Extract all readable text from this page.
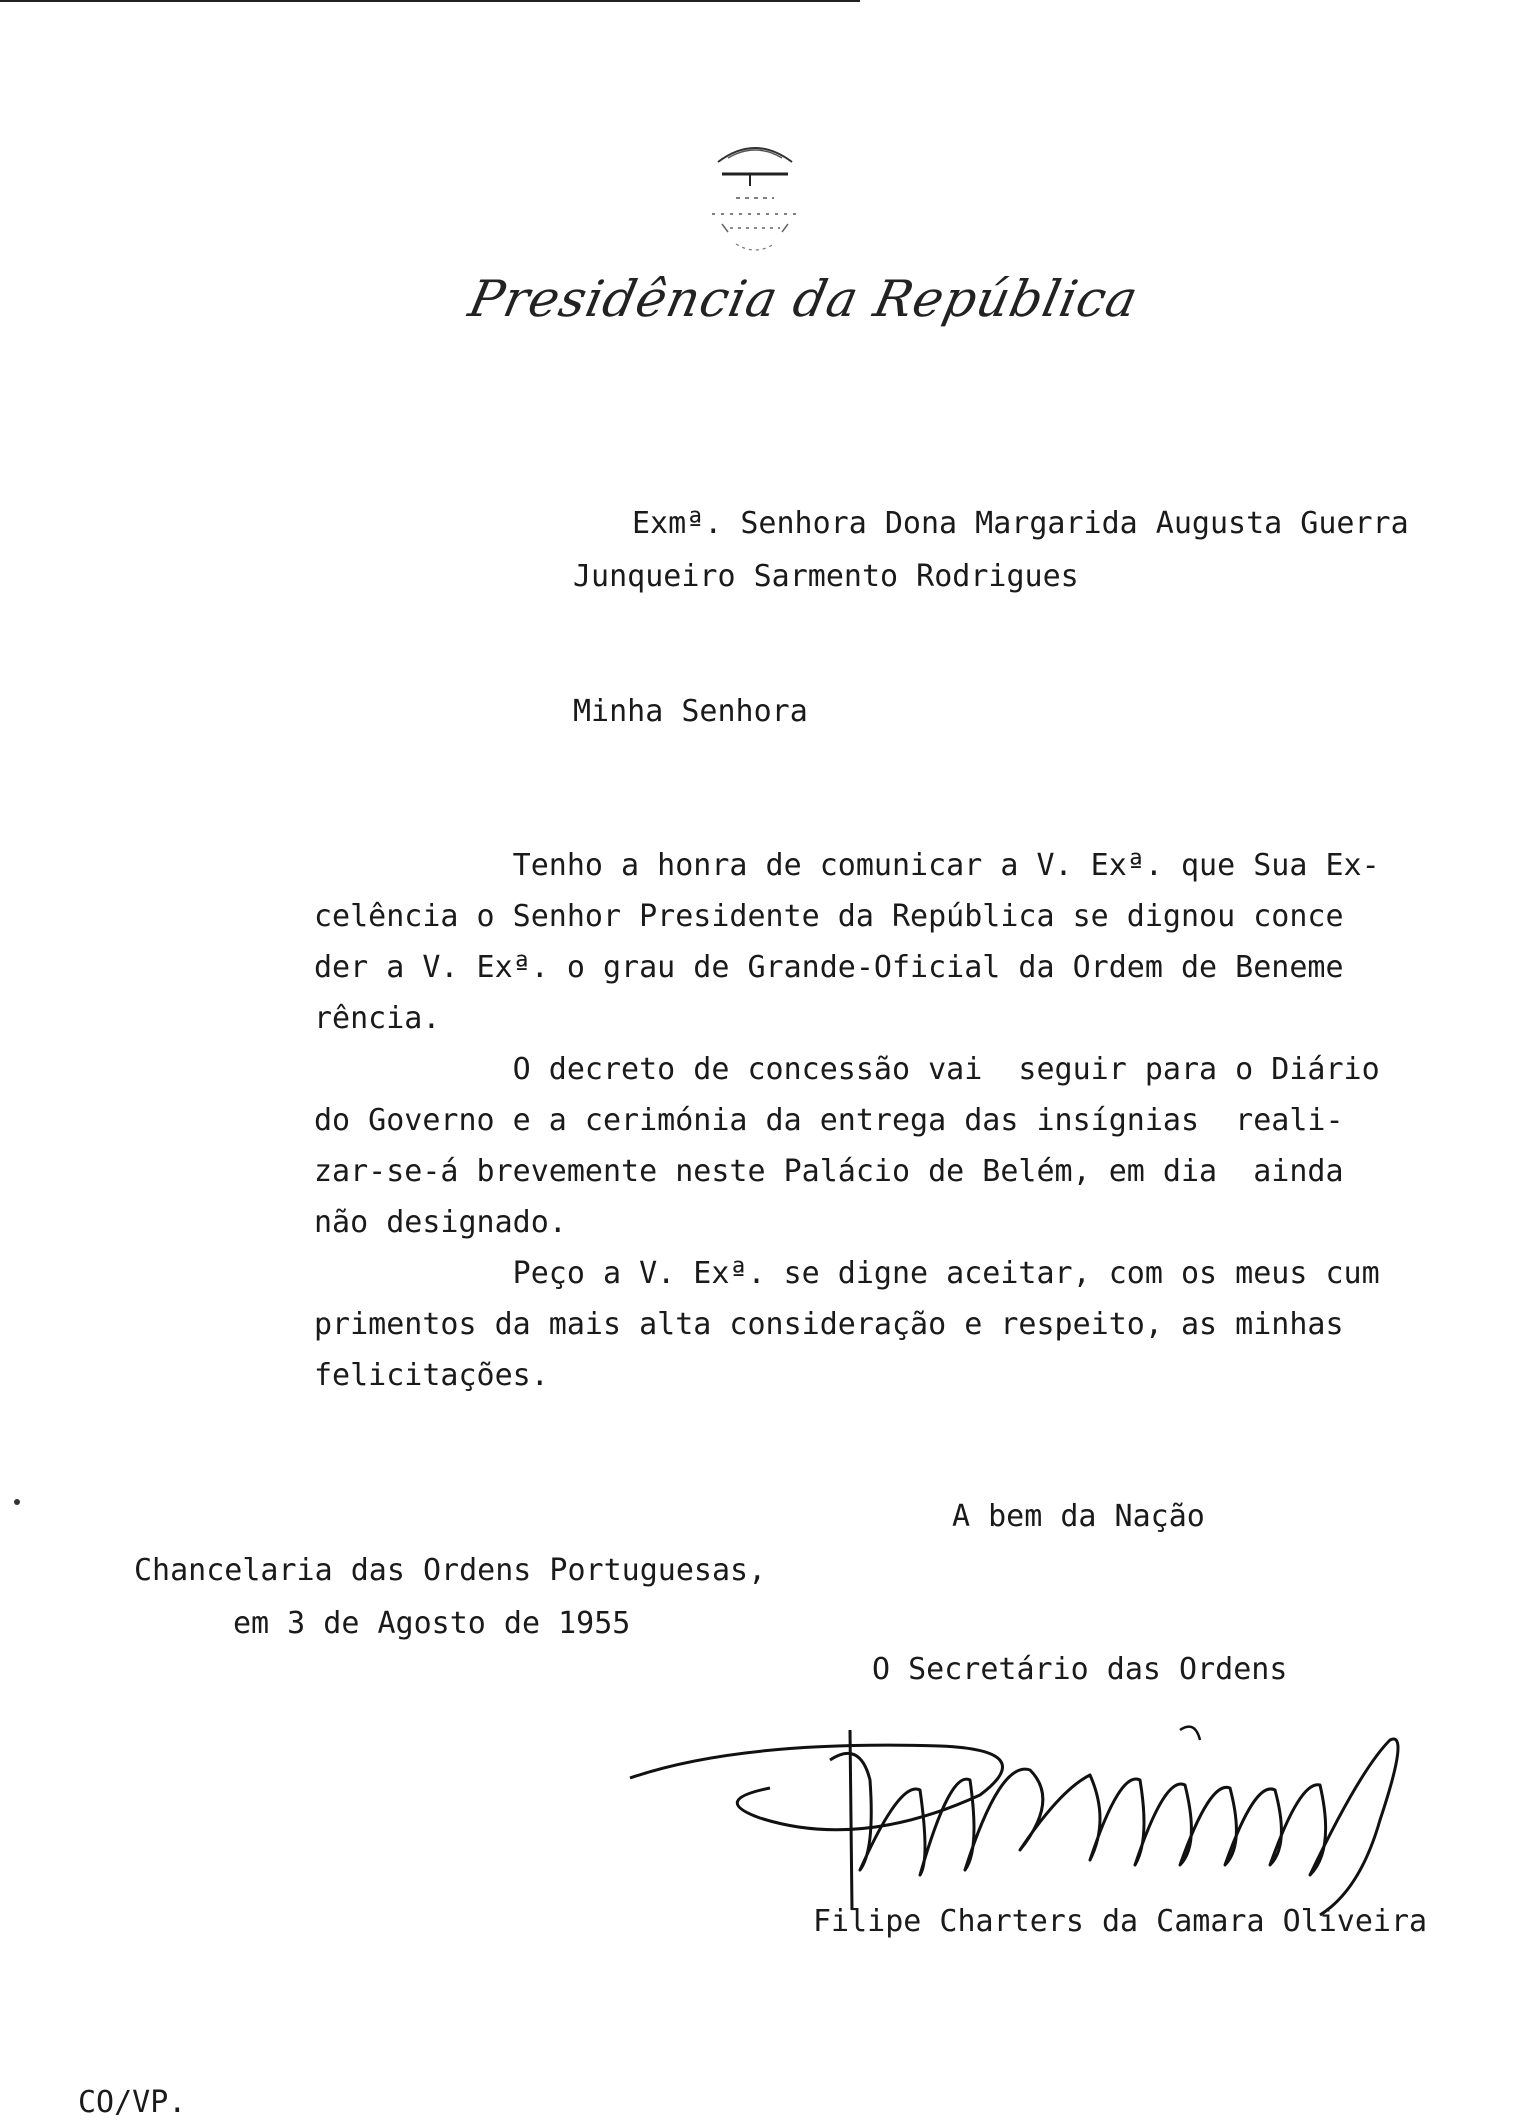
Presidência da República
Exmª. Senhora Dona Margarida Augusta Guerra
Junqueiro Sarmento Rodrigues
Minha Senhora
Tenho a honra de comunicar a V. Exª. que Sua Ex-
celência o Senhor Presidente da República se dignou conce
der a V. Exª. o grau de Grande-Oficial da Ordem de Beneme
rência.
O decreto de concessão vai  seguir para o Diário
do Governo e a cerimónia da entrega das insígnias  reali-
zar-se-á brevemente neste Palácio de Belém, em dia  ainda
não designado.
Peço a V. Exª. se digne aceitar, com os meus cum
primentos da mais alta consideração e respeito, as minhas
felicitações.
A bem da Nação
Chancelaria das Ordens Portuguesas,
em 3 de Agosto de 1955
O Secretário das Ordens
Filipe Charters da Camara Oliveira
CO/VP.
